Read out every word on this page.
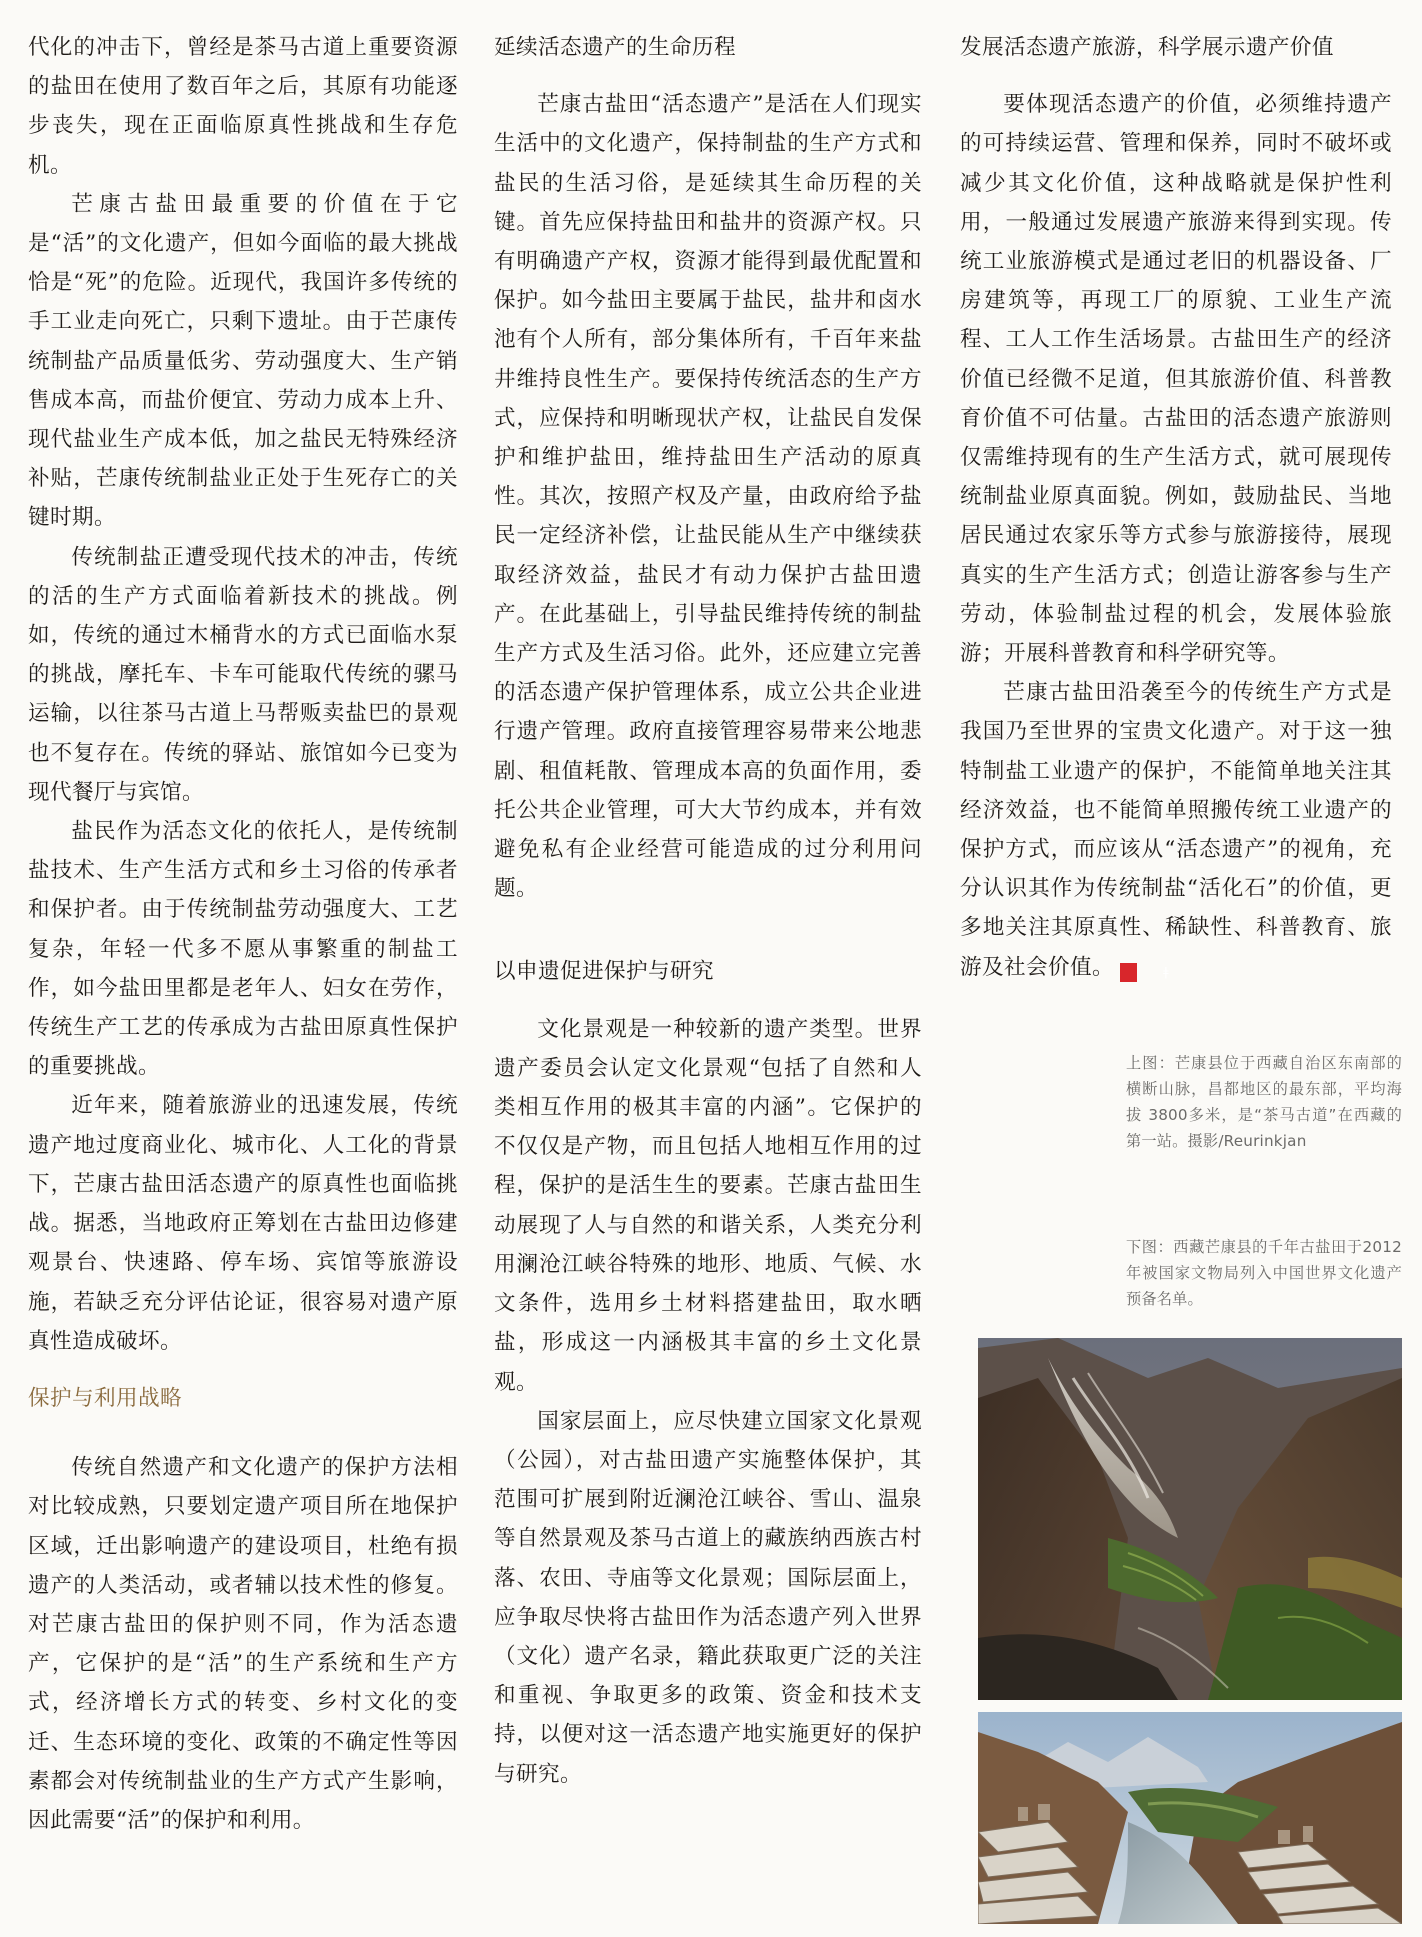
代化的冲击下，曾经是茶马古道上重要资源的盐田在使用了数百年之后，其原有功能逐步丧失，现在正面临原真性挑战和生存危机。

芒康古盐田最重要的价值在于它是“活”的文化遗产，但如今面临的最大挑战恰是“死”的危险。近现代，我国许多传统的手工业走向死亡，只剩下遗址。由于芒康传统制盐产品质量低劣、劳动强度大、生产销售成本高，而盐价便宜、劳动力成本上升、现代盐业生产成本低，加之盐民无特殊经济补贴，芒康传统制盐业正处于生死存亡的关键时期。

传统制盐正遭受现代技术的冲击，传统的活的生产方式面临着新技术的挑战。例如，传统的通过木桶背水的方式已面临水泵的挑战，摩托车、卡车可能取代传统的骡马运输，以往茶马古道上马帮贩卖盐巴的景观也不复存在。传统的驿站、旅馆如今已变为现代餐厅与宾馆。

盐民作为活态文化的依托人，是传统制盐技术、生产生活方式和乡土习俗的传承者和保护者。由于传统制盐劳动强度大、工艺复杂，年轻一代多不愿从事繁重的制盐工作，如今盐田里都是老年人、妇女在劳作，传统生产工艺的传承成为古盐田原真性保护的重要挑战。

近年来，随着旅游业的迅速发展，传统遗产地过度商业化、城市化、人工化的背景下，芒康古盐田活态遗产的原真性也面临挑战。据悉，当地政府正筹划在古盐田边修建观景台、快速路、停车场、宾馆等旅游设施，若缺乏充分评估论证，很容易对遗产原真性造成破坏。

保护与利用战略

传统自然遗产和文化遗产的保护方法相对比较成熟，只要划定遗产项目所在地保护区域，迁出影响遗产的建设项目，杜绝有损遗产的人类活动，或者辅以技术性的修复。对芒康古盐田的保护则不同，作为活态遗产，它保护的是“活”的生产系统和生产方式，经济增长方式的转变、乡村文化的变迁、生态环境的变化、政策的不确定性等因素都会对传统制盐业的生产方式产生影响，因此需要“活”的保护和利用。

延续活态遗产的生命历程

芒康古盐田“活态遗产”是活在人们现实生活中的文化遗产，保持制盐的生产方式和盐民的生活习俗，是延续其生命历程的关键。首先应保持盐田和盐井的资源产权。只有明确遗产产权，资源才能得到最优配置和保护。如今盐田主要属于盐民，盐井和卤水池有个人所有，部分集体所有，千百年来盐井维持良性生产。要保持传统活态的生产方式，应保持和明晰现状产权，让盐民自发保护和维护盐田，维持盐田生产活动的原真性。其次，按照产权及产量，由政府给予盐民一定经济补偿，让盐民能从生产中继续获取经济效益，盐民才有动力保护古盐田遗产。在此基础上，引导盐民维持传统的制盐生产方式及生活习俗。此外，还应建立完善的活态遗产保护管理体系，成立公共企业进行遗产管理。政府直接管理容易带来公地悲剧、租值耗散、管理成本高的负面作用，委托公共企业管理，可大大节约成本，并有效避免私有企业经营可能造成的过分利用问题。

以申遗促进保护与研究

文化景观是一种较新的遗产类型。世界遗产委员会认定文化景观“包括了自然和人类相互作用的极其丰富的内涵”。它保护的不仅仅是产物，而且包括人地相互作用的过程，保护的是活生生的要素。芒康古盐田生动展现了人与自然的和谐关系，人类充分利用澜沧江峡谷特殊的地形、地质、气候、水文条件，选用乡土材料搭建盐田，取水晒盐，形成这一内涵极其丰富的乡土文化景观。

国家层面上，应尽快建立国家文化景观（公园），对古盐田遗产实施整体保护，其范围可扩展到附近澜沧江峡谷、雪山、温泉等自然景观及茶马古道上的藏族纳西族古村落、农田、寺庙等文化景观；国际层面上，应争取尽快将古盐田作为活态遗产列入世界（文化）遗产名录，籍此获取更广泛的关注和重视、争取更多的政策、资金和技术支持，以便对这一活态遗产地实施更好的保护与研究。

发展活态遗产旅游，科学展示遗产价值

要体现活态遗产的价值，必须维持遗产的可持续运营、管理和保养，同时不破坏或减少其文化价值，这种战略就是保护性利用，一般通过发展遗产旅游来得到实现。传统工业旅游模式是通过老旧的机器设备、厂房建筑等，再现工厂的原貌、工业生产流程、工人工作生活场景。古盐田生产的经济价值已经微不足道，但其旅游价值、科普教育价值不可估量。古盐田的活态遗产旅游则仅需维持现有的生产生活方式，就可展现传统制盐业原真面貌。例如，鼓励盐民、当地居民通过农家乐等方式参与旅游接待，展现真实的生产生活方式；创造让游客参与生产劳动，体验制盐过程的机会，发展体验旅游；开展科普教育和科学研究等。

芒康古盐田沿袭至今的传统生产方式是我国乃至世界的宝贵文化遗产。对于这一独特制盐工业遗产的保护，不能简单地关注其经济效益，也不能简单照搬传统工业遗产的保护方式，而应该从“活态遗产”的视角，充分认识其作为传统制盐“活化石”的价值，更多地关注其原真性、稀缺性、科普教育、旅游及社会价值。	ǂ

上图：芒康县位于西藏自治区东南部的横断山脉，昌都地区的最东部，平均海拔 3800多米，是“茶马古道”在西藏的第一站。摄影/Reurinkjan
下图：西藏芒康县的千年古盐田于2012年被国家文物局列入中国世界文化遗产预备名单。
